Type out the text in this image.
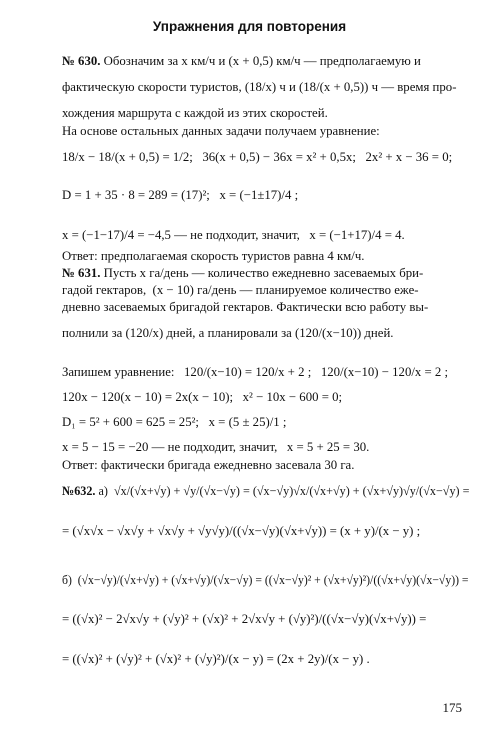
Упражнения для повторения
№ 630. Обозначим за x км/ч и (x + 0,5) км/ч — предполагаемую и
фактическую скорости туристов, (18/x) ч и (18/(x + 0,5)) ч — время про-
хождения маршрута с каждой из этих скоростей.
На основе остальных данных задачи получаем уравнение:
18/x − 18/(x + 0,5) = 1/2;   36(x + 0,5) − 36x = x² + 0,5x;   2x² + x − 36 = 0;
D = 1 + 35 · 8 = 289 = (17)²;   x = (−1±17)/4 ;
x = (−1−17)/4 = −4,5 — не подходит, значит,   x = (−1+17)/4 = 4.
Ответ: предполагаемая скорость туристов равна 4 км/ч.
№ 631. Пусть x га/день — количество ежедневно засеваемых бри-
гадой гектаров,  (x − 10) га/день — планируемое количество еже-
дневно засеваемых бригадой гектаров. Фактически всю работу вы-
полнили за (120/x) дней, а планировали за (120/(x−10)) дней.
Запишем уравнение:   120/(x−10) = 120/x + 2 ;   120/(x−10) − 120/x = 2 ;
120x − 120(x − 10) = 2x(x − 10);   x² − 10x − 600 = 0;
D₁ = 5² + 600 = 625 = 25²;   x = (5 ± 25)/1 ;
x = 5 − 15 = −20 — не подходит, значит,   x = 5 + 25 = 30.
Ответ: фактически бригада ежедневно засевала 30 га.
№632. а)  √x/(√x+√y) + √y/(√x−√y) = (√x−√y)√x/(√x+√y) + (√x+√y)√y/(√x−√y) =
= (√x√x − √x√y + √x√y + √y√y)/((√x−√y)(√x+√y)) = (x + y)/(x − y) ;
б)  (√x−√y)/(√x+√y) + (√x+√y)/(√x−√y) = ((√x−√y)² + (√x+√y)²)/((√x+√y)(√x−√y)) =
= ((√x)² − 2√x√y + (√y)² + (√x)² + 2√x√y + (√y)²)/((√x−√y)(√x+√y)) =
= ((√x)² + (√y)² + (√x)² + (√y)²)/(x − y) = (2x + 2y)/(x − y) .
175
